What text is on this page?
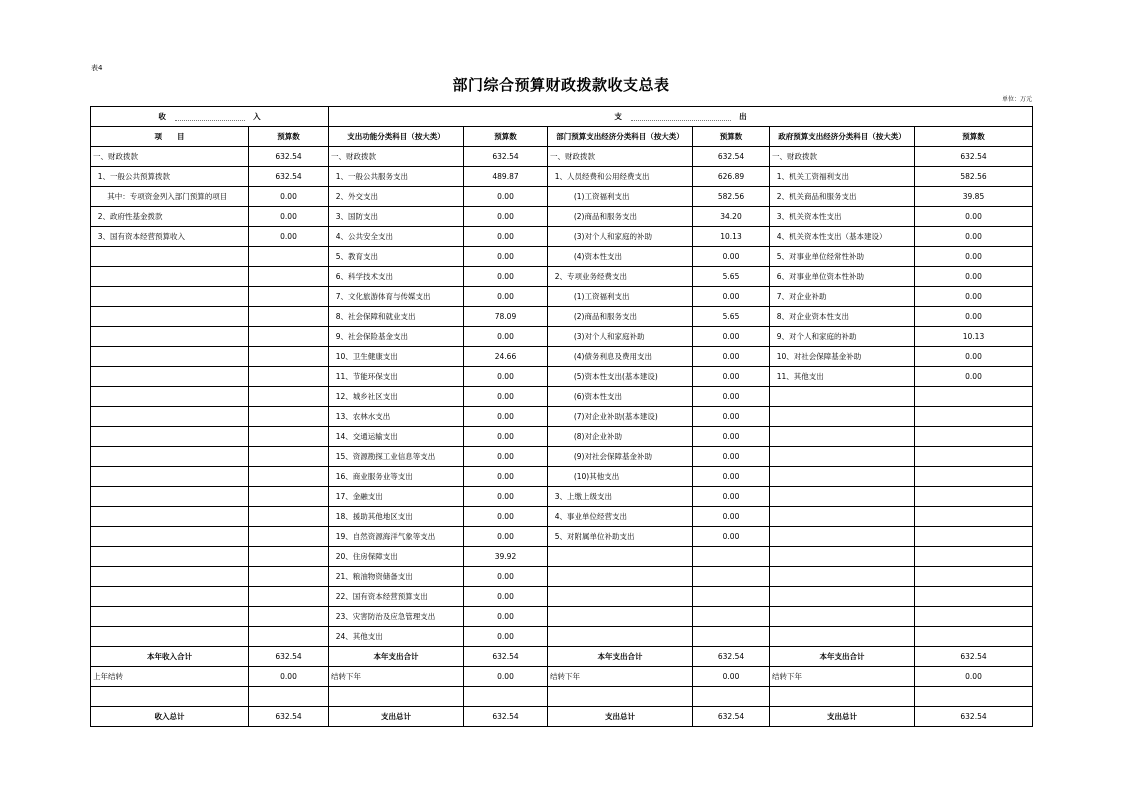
表4
部门综合预算财政拨款收支总表
单位：万元
收 入		支 出					
项　　目	预算数	支出功能分类科目（按大类）	预算数	部门预算支出经济分类科目（按大类）	预算数	政府预算支出经济分类科目（按大类）	预算数
一、财政拨款	632.54	一、财政拨款	632.54	一、财政拨款	632.54	一、财政拨款	632.54
1、一般公共预算拨款	632.54	1、一般公共服务支出	489.87	1、人员经费和公用经费支出	626.89	1、机关工资福利支出	582.56
其中：专项资金列入部门预算的项目	0.00	2、外交支出	0.00	(1)工资福利支出	582.56	2、机关商品和服务支出	39.85
2、政府性基金拨款	0.00	3、国防支出	0.00	(2)商品和服务支出	34.20	3、机关资本性支出	0.00
3、国有资本经营预算收入	0.00	4、公共安全支出	0.00	(3)对个人和家庭的补助	10.13	4、机关资本性支出（基本建设）	0.00
		5、教育支出	0.00	(4)资本性支出	0.00	5、对事业单位经常性补助	0.00
		6、科学技术支出	0.00	2、专项业务经费支出	5.65	6、对事业单位资本性补助	0.00
		7、文化旅游体育与传媒支出	0.00	(1)工资福利支出	0.00	7、对企业补助	0.00
		8、社会保障和就业支出	78.09	(2)商品和服务支出	5.65	8、对企业资本性支出	0.00
		9、社会保险基金支出	0.00	(3)对个人和家庭补助	0.00	9、对个人和家庭的补助	10.13
		10、卫生健康支出	24.66	(4)债务利息及费用支出	0.00	10、对社会保障基金补助	0.00
		11、节能环保支出	0.00	(5)资本性支出(基本建设)	0.00	11、其他支出	0.00
		12、城乡社区支出	0.00	(6)资本性支出	0.00		
		13、农林水支出	0.00	(7)对企业补助(基本建设)	0.00		
		14、交通运输支出	0.00	(8)对企业补助	0.00		
		15、资源勘探工业信息等支出	0.00	(9)对社会保障基金补助	0.00		
		16、商业服务业等支出	0.00	(10)其他支出	0.00		
		17、金融支出	0.00	3、上缴上级支出	0.00		
		18、援助其他地区支出	0.00	4、事业单位经营支出	0.00		
		19、自然资源海洋气象等支出	0.00	5、对附属单位补助支出	0.00		
		20、住房保障支出	39.92				
		21、粮油物资储备支出	0.00				
		22、国有资本经营预算支出	0.00				
		23、灾害防治及应急管理支出	0.00				
		24、其他支出	0.00				
本年收入合计	632.54	本年支出合计	632.54	本年支出合计	632.54	本年支出合计	632.54
上年结转	0.00	结转下年	0.00	结转下年	0.00	结转下年	0.00

收入总计	632.54	支出总计	632.54	支出总计	632.54	支出总计	632.54
